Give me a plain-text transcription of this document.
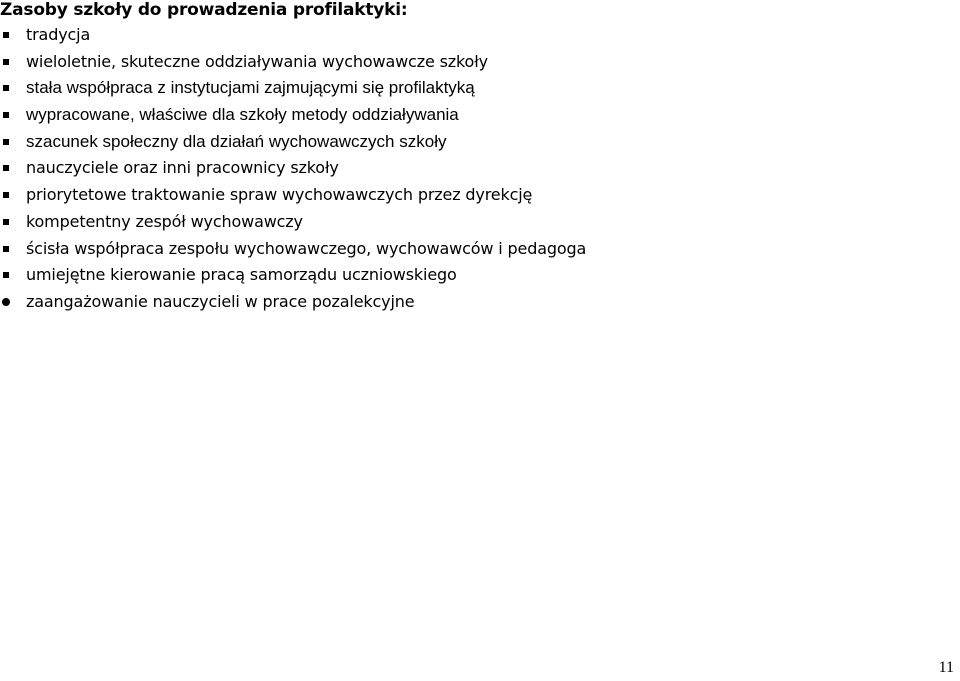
Zasoby szkoły do prowadzenia profilaktyki:
tradycja
wieloletnie, skuteczne oddziaływania wychowawcze szkoły
stała współpraca z instytucjami zajmującymi się profilaktyką
wypracowane, właściwe dla szkoły metody oddziaływania
szacunek społeczny dla działań wychowawczych szkoły
nauczyciele oraz inni pracownicy szkoły
priorytetowe traktowanie spraw wychowawczych przez dyrekcję
kompetentny zespół wychowawczy
ścisła współpraca zespołu wychowawczego, wychowawców i pedagoga
umiejętne kierowanie pracą samorządu uczniowskiego
zaangażowanie nauczycieli w prace pozalekcyjne
11
